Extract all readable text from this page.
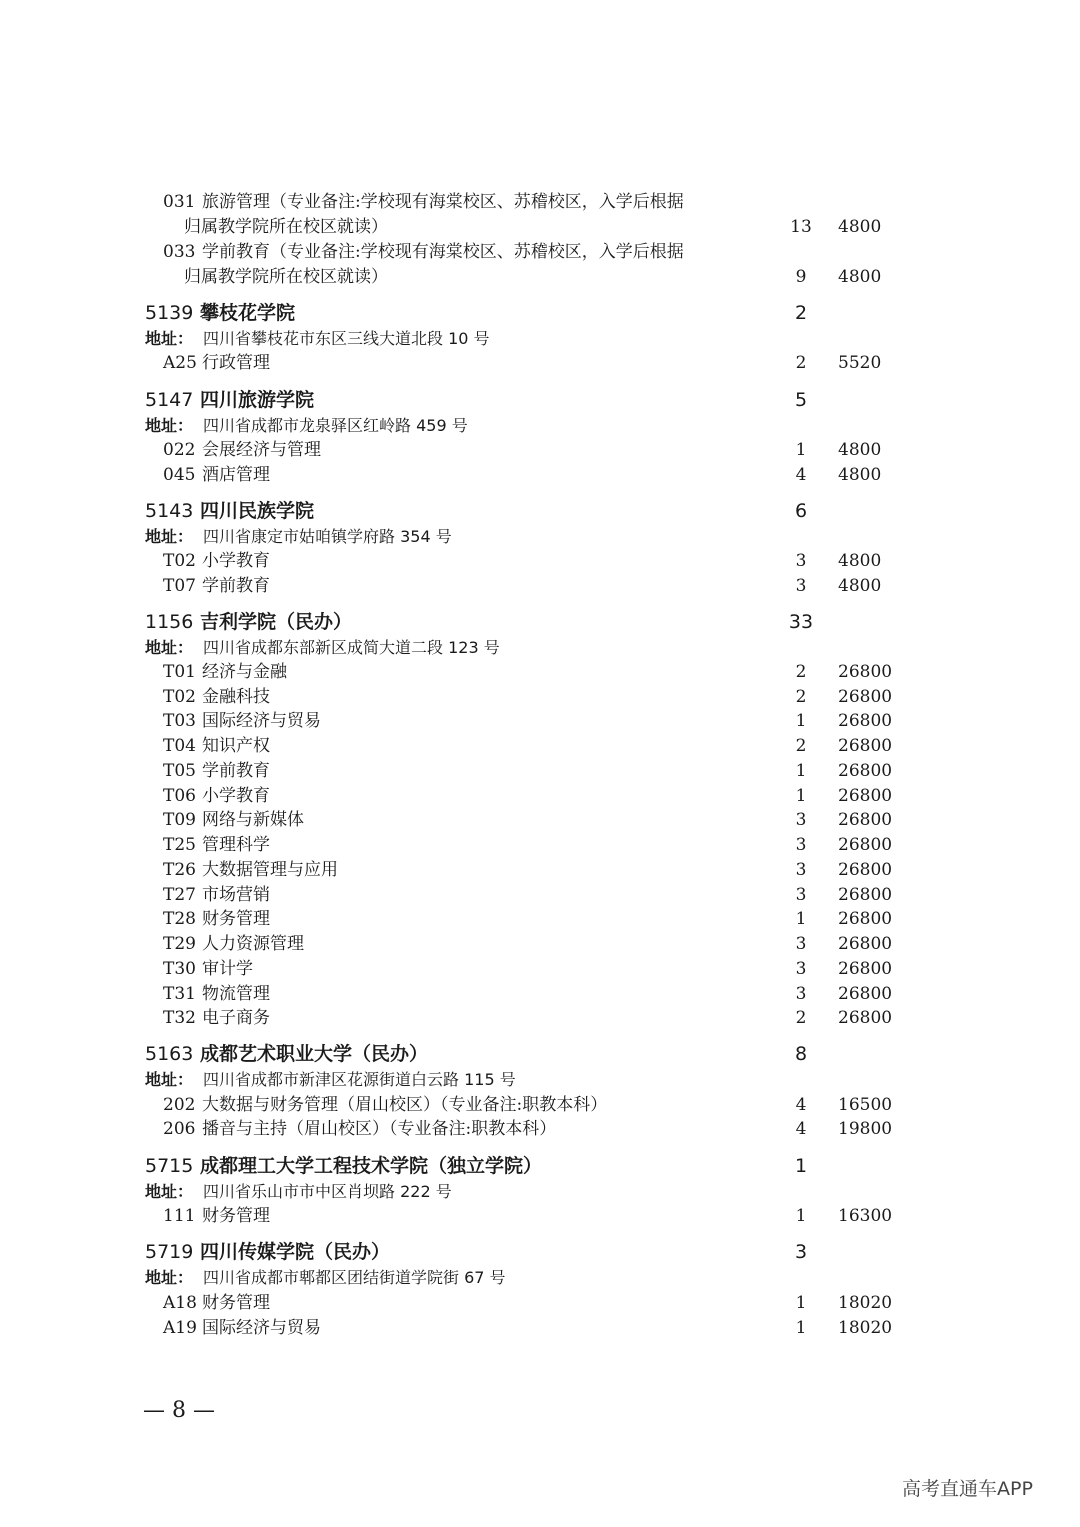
031 旅游管理（专业备注:学校现有海棠校区、苏稽校区，入学后根据
归属教学院所在校区就读）	13	4800
033 学前教育（专业备注:学校现有海棠校区、苏稽校区，入学后根据
归属教学院所在校区就读）	9	4800
5139 攀枝花学院	2
地址： 四川省攀枝花市东区三线大道北段 10 号
A25 行政管理	2	5520
5147 四川旅游学院	5
地址： 四川省成都市龙泉驿区红岭路 459 号
022 会展经济与管理	1	4800
045 酒店管理	4	4800
5143 四川民族学院	6
地址： 四川省康定市姑咱镇学府路 354 号
T02 小学教育	3	4800
T07 学前教育	3	4800
1156 吉利学院（民办）	33
地址： 四川省成都东部新区成简大道二段 123 号
T01 经济与金融	2	26800
T02 金融科技	2	26800
T03 国际经济与贸易	1	26800
T04 知识产权	2	26800
T05 学前教育	1	26800
T06 小学教育	1	26800
T09 网络与新媒体	3	26800
T25 管理科学	3	26800
T26 大数据管理与应用	3	26800
T27 市场营销	3	26800
T28 财务管理	1	26800
T29 人力资源管理	3	26800
T30 审计学	3	26800
T31 物流管理	3	26800
T32 电子商务	2	26800
5163 成都艺术职业大学（民办）	8
地址： 四川省成都市新津区花源街道白云路 115 号
202 大数据与财务管理（眉山校区）（专业备注:职教本科）	4	16500
206 播音与主持（眉山校区）（专业备注:职教本科）	4	19800
5715 成都理工大学工程技术学院（独立学院）	1
地址： 四川省乐山市市中区肖坝路 222 号
111 财务管理	1	16300
5719 四川传媒学院（民办）	3
地址： 四川省成都市郫都区团结街道学院街 67 号
A18 财务管理	1	18020
A19 国际经济与贸易	1	18020
— 8 —
高考直通车APP
